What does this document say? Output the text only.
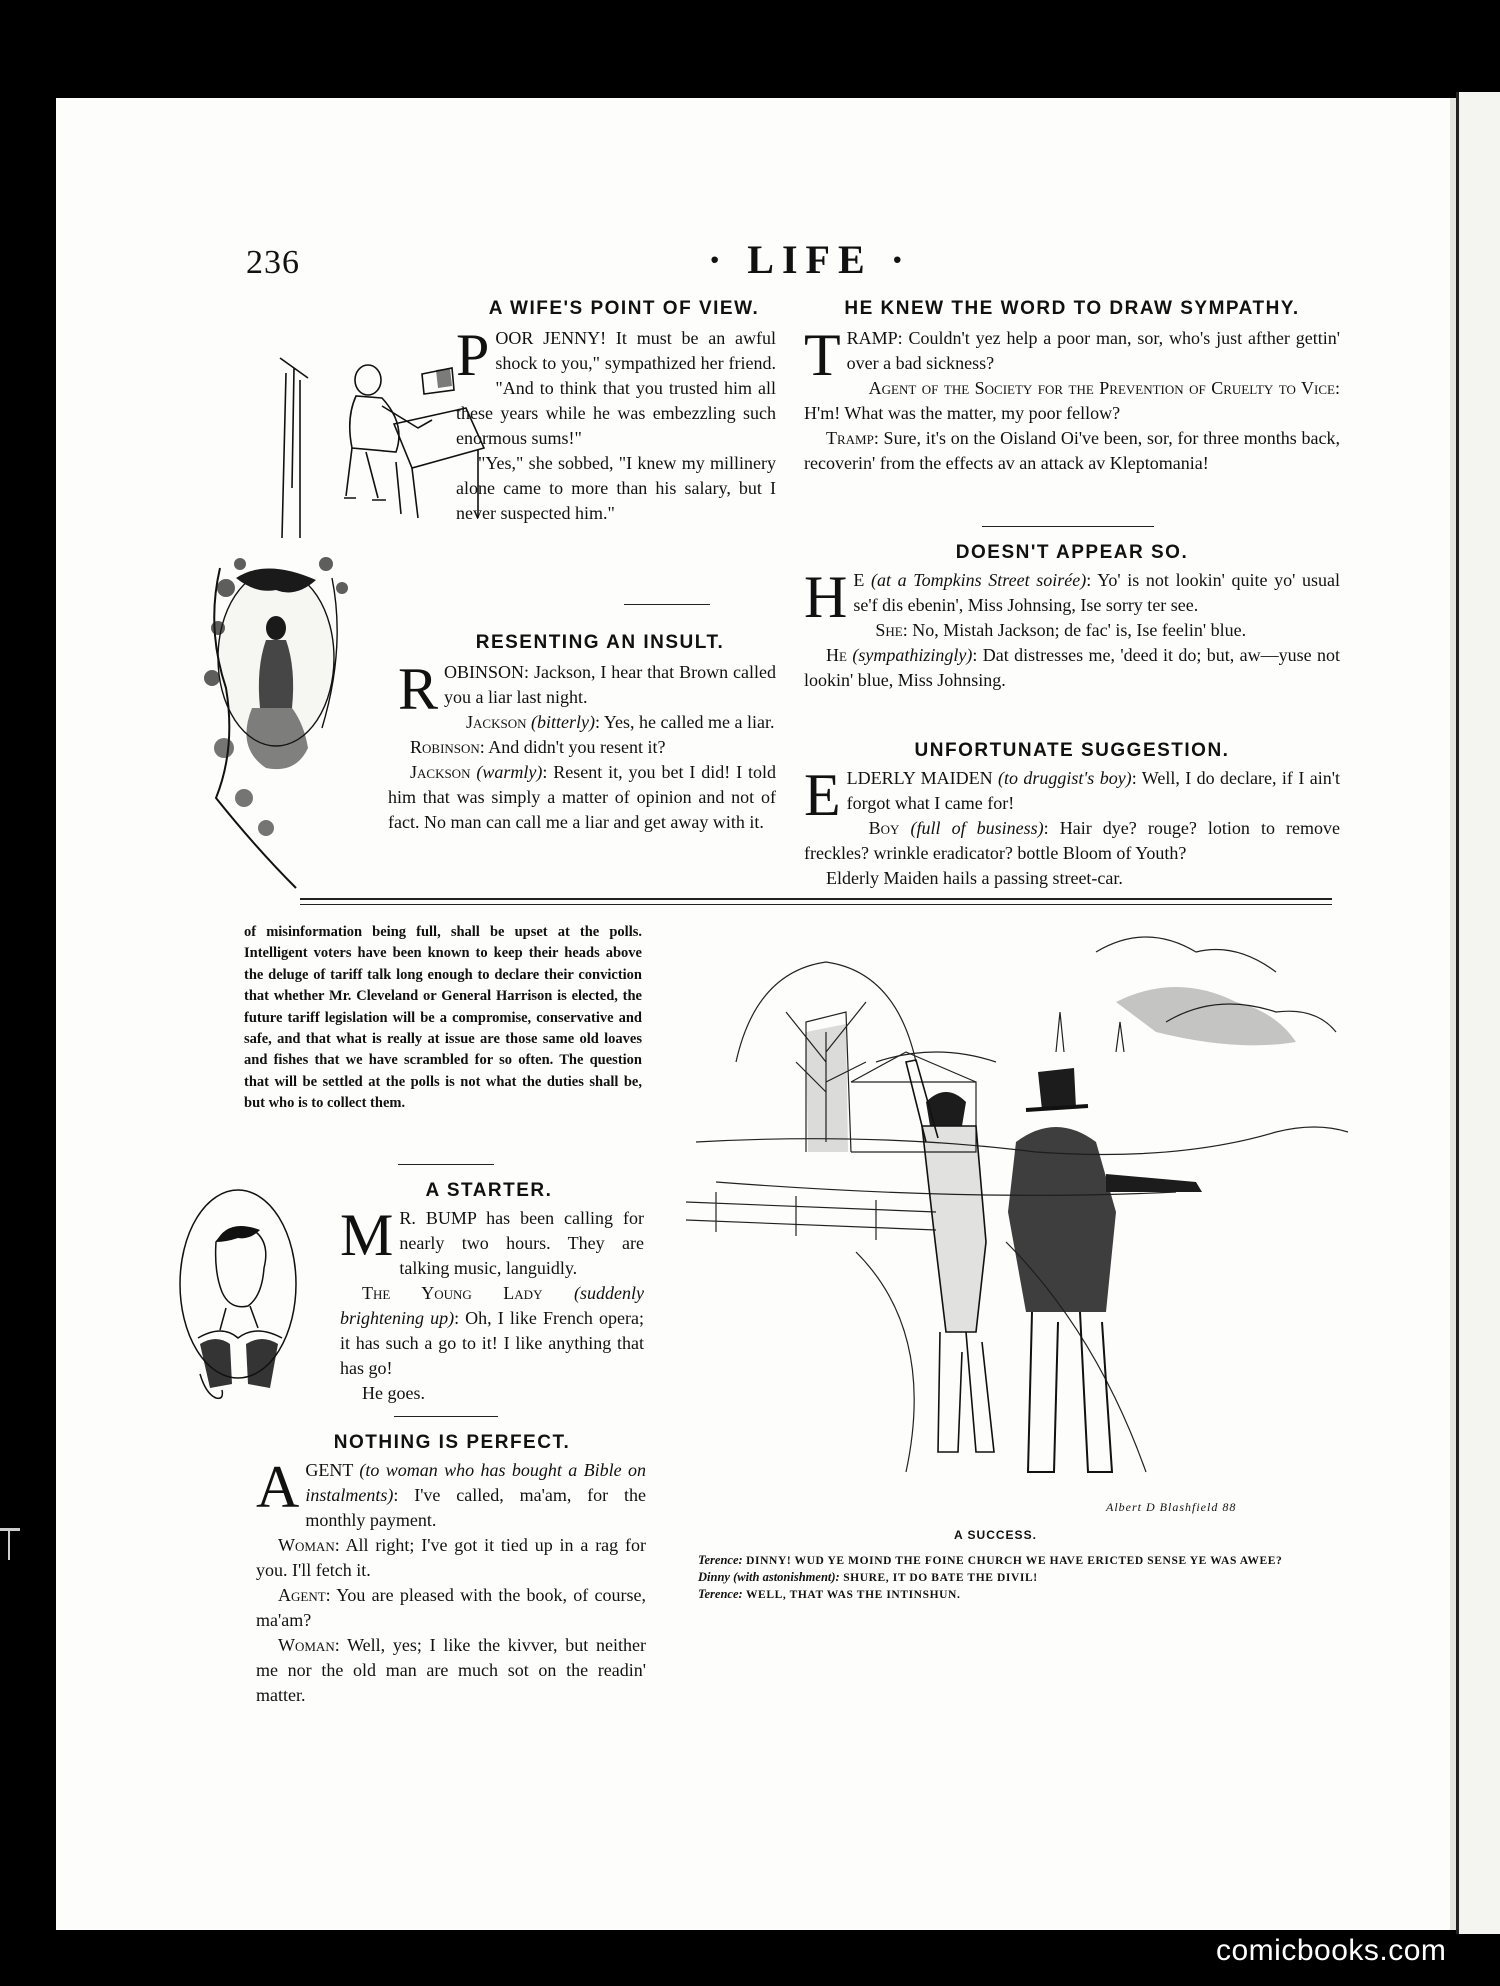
236	· LIFE ·
A WIFE'S POINT OF VIEW.

POOR JENNY! It must be an awful shock to you," sympathized her friend. "And to think that you trusted him all these years while he was embezzling such enormous sums!"

"Yes," she sobbed, "I knew my millinery alone came to more than his salary, but I never suspected him."

RESENTING AN INSULT.

ROBINSON: Jackson, I hear that Brown called you a liar last night.

Jackson (bitterly): Yes, he called me a liar.

Robinson: And didn't you resent it?

Jackson (warmly): Resent it, you bet I did! I told him that was simply a matter of opinion and not of fact. No man can call me a liar and get away with it.

HE KNEW THE WORD TO DRAW SYMPATHY.

TRAMP: Couldn't yez help a poor man, sor, who's just afther gettin' over a bad sickness?

Agent of the Society for the Prevention of Cruelty to Vice: H'm! What was the matter, my poor fellow?

Tramp: Sure, it's on the Oisland Oi've been, sor, for three months back, recoverin' from the effects av an attack av Kleptomania!

DOESN'T APPEAR SO.

H E (at a Tompkins Street soirée): Yo' is not lookin' quite yo' usual se'f dis ebenin', Miss Johnsing, Ise sorry ter see.

She: No, Mistah Jackson; de fac' is, Ise feelin' blue.

He (sympathizingly): Dat distresses me, 'deed it do; but, aw—yuse not lookin' blue, Miss Johnsing.

UNFORTUNATE SUGGESTION.

ELDERLY MAIDEN (to druggist's boy): Well, I do declare, if I ain't forgot what I came for!

Boy (full of business): Hair dye? rouge? lotion to remove freckles? wrinkle eradicator? bottle Bloom of Youth?

Elderly Maiden hails a passing street-car.

of misinformation being full, shall be upset at the polls. Intelligent voters have been known to keep their heads above the deluge of tariff talk long enough to declare their conviction that whether Mr. Cleveland or General Harrison is elected, the future tariff legislation will be a compromise, conservative and safe, and that what is really at issue are those same old loaves and fishes that we have scrambled for so often. The question that will be settled at the polls is not what the duties shall be, but who is to collect them.
A STARTER.

M R. BUMP has been calling for nearly two hours. They are talking music, languidly.

The Young Lady (suddenly brightening up): Oh, I like French opera; it has such a go to it! I like anything that has go!

He goes.

NOTHING IS PERFECT.

AGENT (to woman who has bought a Bible on instalments): I've called, ma'am, for the monthly payment.

Woman: All right; I've got it tied up in a rag for you. I'll fetch it.

Agent: You are pleased with the book, of course, ma'am?

Woman: Well, yes; I like the kivver, but neither me nor the old man are much sot on the readin' matter.

Albert D Blashfield 88
A SUCCESS.
Terence: DINNY! WUD YE MOIND THE FOINE CHURCH WE HAVE ERICTED SENSE YE WAS AWEE?
Dinny (with astonishment): SHURE, IT DO BATE THE DIVIL!
Terence: WELL, THAT WAS THE INTINSHUN.
comicbooks.com
